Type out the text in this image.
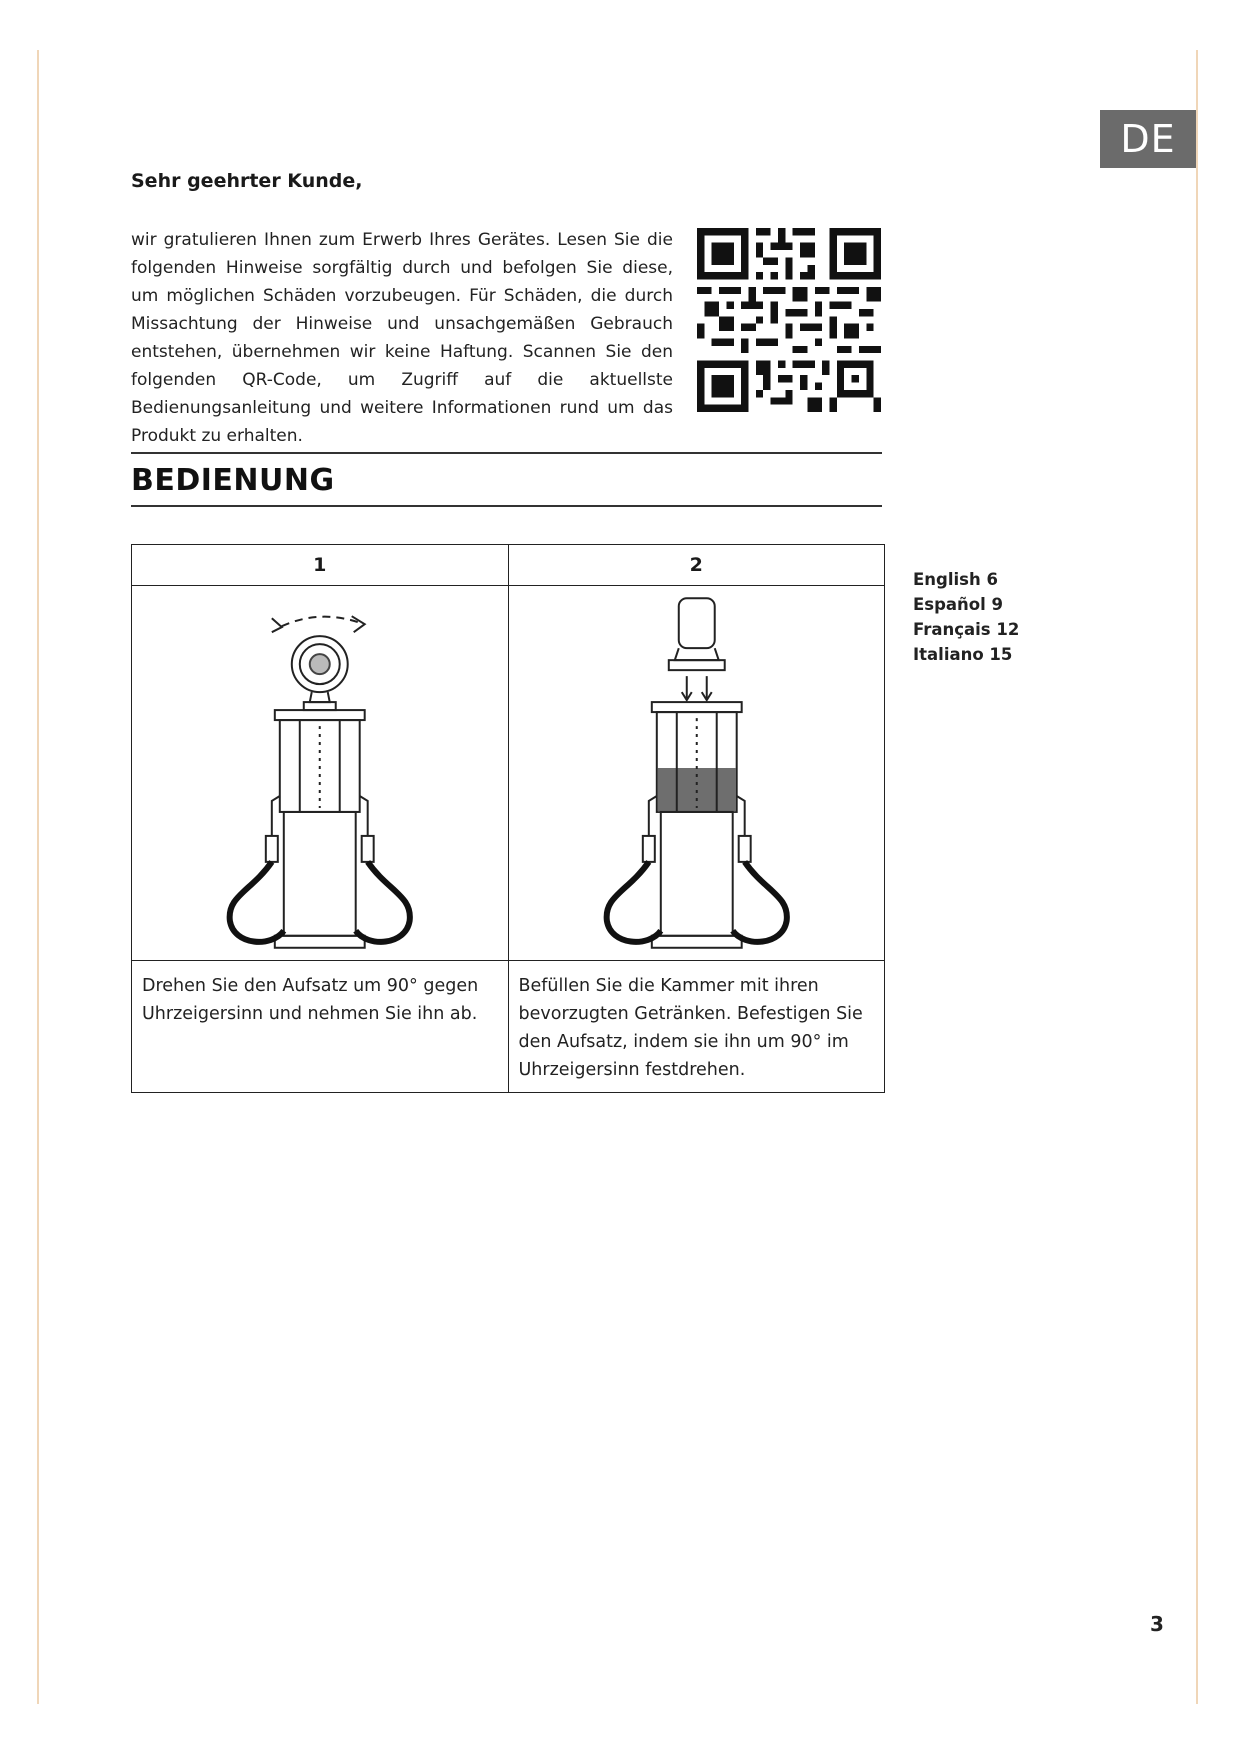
DE
Sehr geehrter Kunde,
wir gratulieren Ihnen zum Erwerb Ihres Gerätes. Lesen Sie die folgenden Hinweise sorgfältig durch und befolgen Sie diese, um möglichen Schäden vorzubeugen. Für Schäden, die durch Missachtung der Hinweise und unsachgemäßen Gebrauch entstehen, übernehmen wir keine Haftung. Scannen Sie den folgenden QR-Code, um Zugriff auf die aktuellste Bedienungsanleitung und weitere Informationen rund um das Produkt zu erhalten.
BEDIENUNG
1	2

Drehen Sie den Aufsatz um 90° gegen Uhrzeigersinn und nehmen Sie ihn ab.	Befüllen Sie die Kammer mit ihren bevorzugten Getränken. Befestigen Sie den Aufsatz, indem sie ihn um 90° im Uhrzeigersinn festdrehen.
English 6
Español 9
Français 12
Italiano 15
3
